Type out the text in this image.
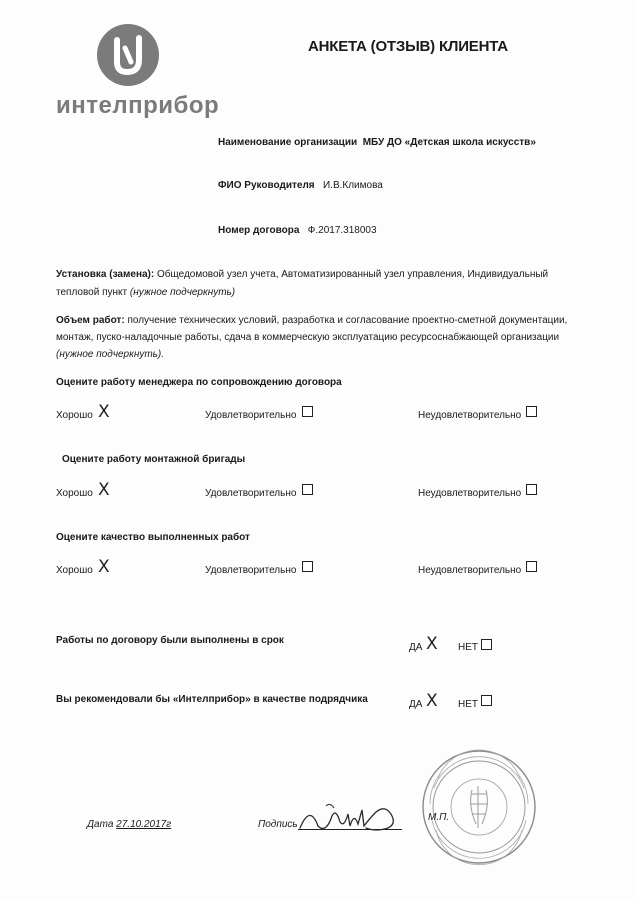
интелприбор
АНКЕТА (ОТЗЫВ) КЛИЕНТА
Наименование организации МБУ ДО «Детская школа искусств»
ФИО Руководителя И.В.Климова
Номер договора Ф.2017.318003
Установка (замена): Общедомовой узел учета, Автоматизированный узел управления, Индивидуальный
тепловой пункт (нужное подчеркнуть)
Объем работ: получение технических условий, разработка и согласование проектно-сметной документации,
монтаж, пуско-наладочные работы, сдача в коммерческую эксплуатацию ресурсоснабжающей организации
(нужное подчеркнуть).
Оцените работу менеджера по сопровождению договора
Хорошо X	Удовлетворительно	Неудовлетворительно
Оцените работу монтажной бригады
Хорошо X	Удовлетворительно	Неудовлетворительно
Оцените качество выполненных работ
Хорошо X	Удовлетворительно	Неудовлетворительно
Работы по договору были выполнены в срок
ДА X НЕТ
Вы рекомендовали бы «Интелприбор» в качестве подрядчика	ДА X НЕТ
Дата 27.10.2017г	Подпись
М.П.
